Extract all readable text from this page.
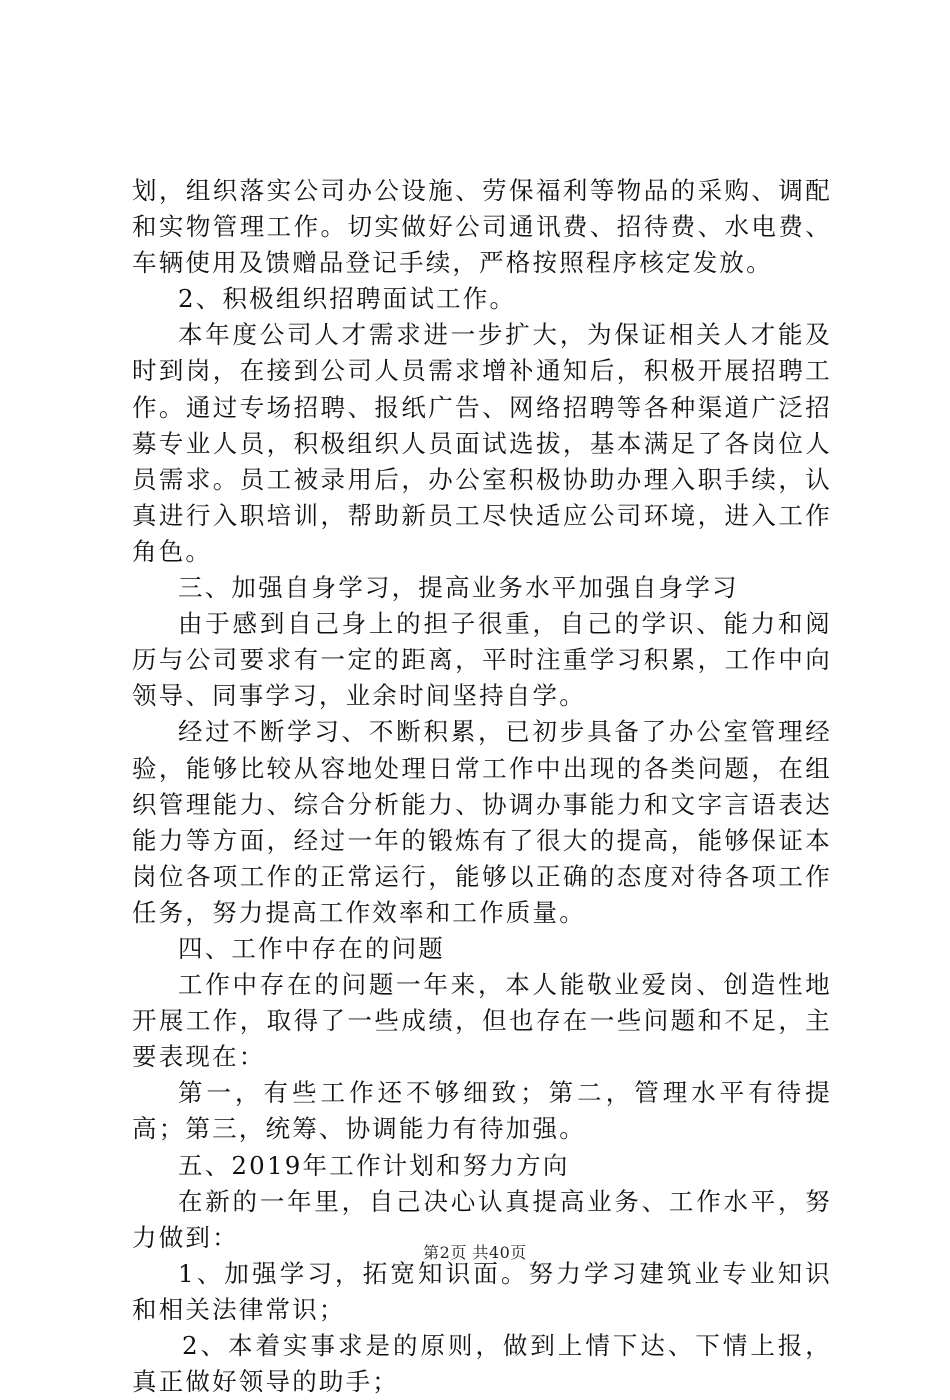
划，组织落实公司办公设施、劳保福利等物品的采购、调配和实物管理工作。切实做好公司通讯费、招待费、水电费、车辆使用及馈赠品登记手续，严格按照程序核定发放。

2、积极组织招聘面试工作。

本年度公司人才需求进一步扩大，为保证相关人才能及时到岗，在接到公司人员需求增补通知后，积极开展招聘工作。通过专场招聘、报纸广告、网络招聘等各种渠道广泛招募专业人员，积极组织人员面试选拔，基本满足了各岗位人员需求。员工被录用后，办公室积极协助办理入职手续，认真进行入职培训，帮助新员工尽快适应公司环境，进入工作角色。

三、加强自身学习，提高业务水平加强自身学习

由于感到自己身上的担子很重，自己的学识、能力和阅历与公司要求有一定的距离，平时注重学习积累，工作中向领导、同事学习，业余时间坚持自学。

经过不断学习、不断积累，已初步具备了办公室管理经验，能够比较从容地处理日常工作中出现的各类问题，在组织管理能力、综合分析能力、协调办事能力和文字言语表达能力等方面，经过一年的锻炼有了很大的提高，能够保证本岗位各项工作的正常运行，能够以正确的态度对待各项工作任务，努力提高工作效率和工作质量。

四、工作中存在的问题

工作中存在的问题一年来，本人能敬业爱岗、创造性地开展工作，取得了一些成绩，但也存在一些问题和不足，主要表现在：

第一，有些工作还不够细致；第二，管理水平有待提高；第三，统筹、协调能力有待加强。

五、2019年工作计划和努力方向

在新的一年里，自己决心认真提高业务、工作水平，努力做到：

1、加强学习，拓宽知识面。努力学习建筑业专业知识和相关法律常识；

2、本着实事求是的原则，做到上情下达、下情上报，真正做好领导的助手；

第2页 共40页
